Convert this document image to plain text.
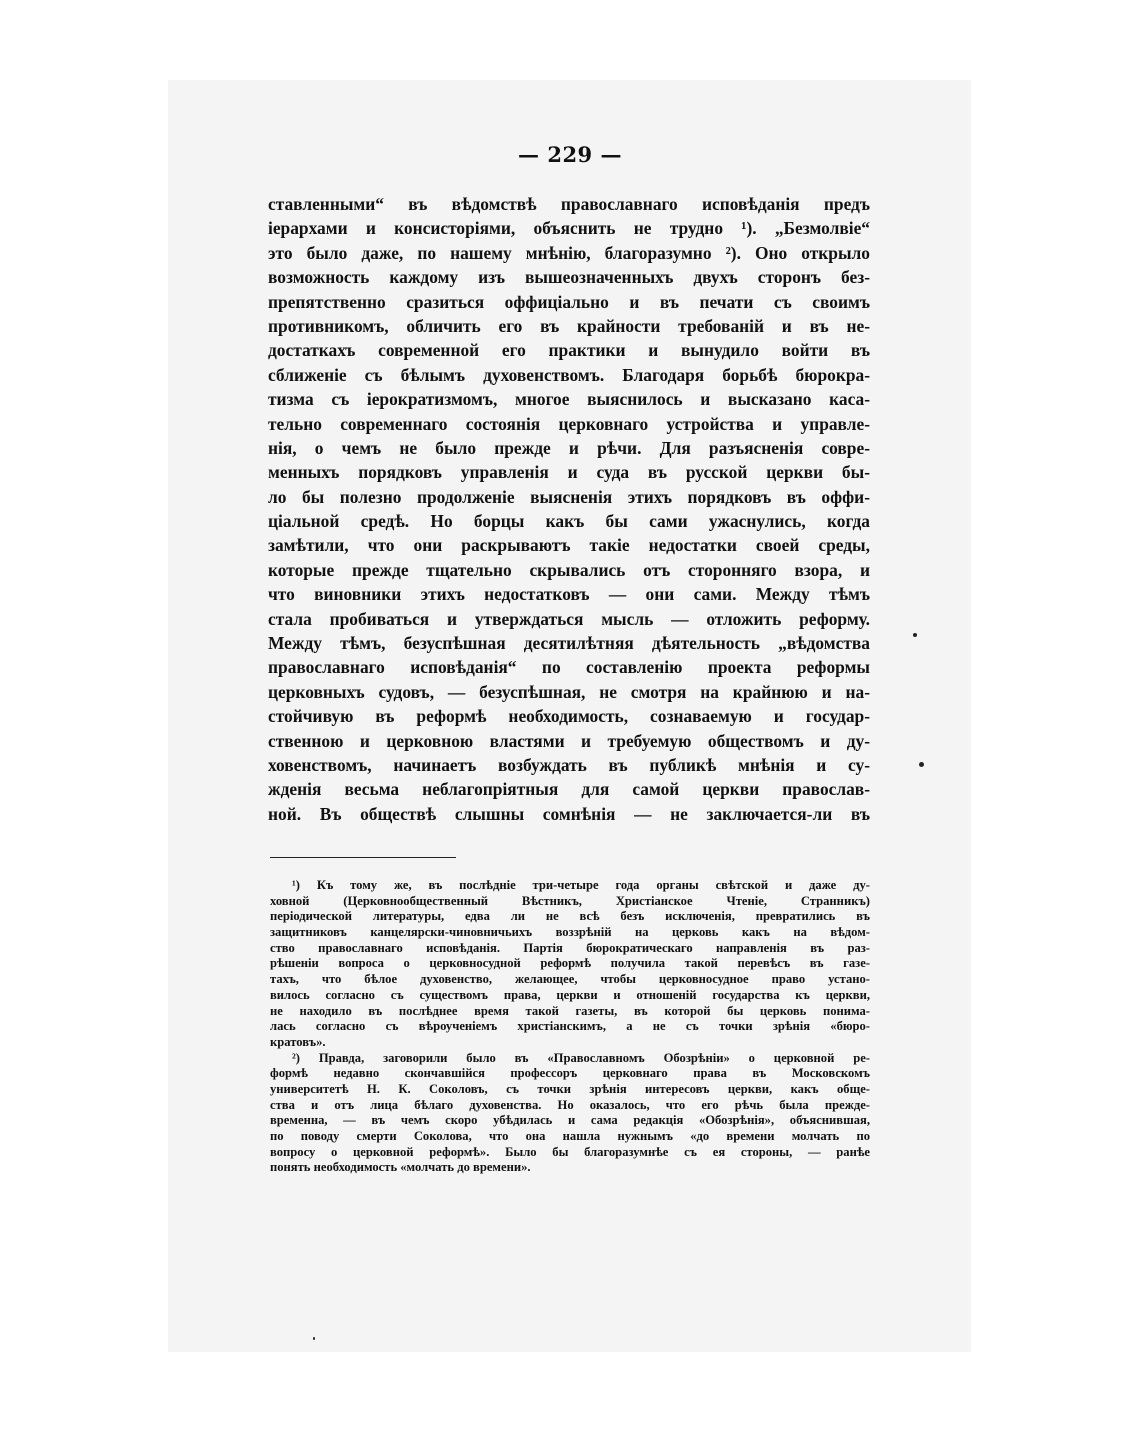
— 229 —
ставленными“ въ вѣдомствѣ православнаго исповѣданія предъ
іерархами и консисторіями, объяснить не трудно ¹). „Безмолвіе“
это было даже, по нашему мнѣнію, благоразумно ²). Оно открыло
возможность каждому изъ вышеозначенныхъ двухъ сторонъ без-
препятственно сразиться оффиціально и въ печати съ своимъ
противникомъ, обличить его въ крайности требованій и въ не-
достаткахъ современной его практики и вынудило войти въ
сближеніе съ бѣлымъ духовенствомъ. Благодаря борьбѣ бюрокра-
тизма съ іерократизмомъ, многое выяснилось и высказано каса-
тельно современнаго состоянія церковнаго устройства и управле-
нія, о чемъ не было прежде и рѣчи. Для разъясненія совре-
менныхъ порядковъ управленія и суда въ русской церкви бы-
ло бы полезно продолженіе выясненія этихъ порядковъ въ оффи-
ціальной средѣ. Но борцы какъ бы сами ужаснулись, когда
замѣтили, что они раскрываютъ такіе недостатки своей среды,
которые прежде тщательно скрывались отъ сторонняго взора, и
что виновники этихъ недостатковъ — они сами. Между тѣмъ
стала пробиваться и утверждаться мысль — отложить реформу.
Между тѣмъ, безуспѣшная десятилѣтняя дѣятельность „вѣдомства
православнаго исповѣданія“ по составленію проекта реформы
церковныхъ судовъ, — безуспѣшная, не смотря на крайнюю и на-
стойчивую въ реформѣ необходимость, сознаваемую и государ-
ственною и церковною властями и требуемую обществомъ и ду-
ховенствомъ, начинаетъ возбуждать въ публикѣ мнѣнія и су-
жденія весьма неблагопріятныя для самой церкви православ-
ной. Въ обществѣ слышны сомнѣнія — не заключается-ли въ
¹) Къ тому же, въ послѣдніе три-четыре года органы свѣтской и даже ду-
ховной (Церковнообщественный Вѣстникъ, Христіанское Чтеніе, Странникъ)
періодической литературы, едва ли не всѣ безъ исключенія, превратились въ
защитниковъ канцелярски-чиновничьихъ воззрѣній на церковь какъ на вѣдом-
ство православнаго исповѣданія. Партія бюрократическаго направленія въ раз-
рѣшеніи вопроса о церковносудной реформѣ получила такой перевѣсъ въ газе-
тахъ, что бѣлое духовенство, желающее, чтобы церковносудное право устано-
вилось согласно съ существомъ права, церкви и отношеній государства къ церкви,
не находило въ послѣднее время такой газеты, въ которой бы церковь понима-
лась согласно съ вѣроученіемъ христіанскимъ, а не съ точки зрѣнія «бюро-
кратовъ».
²) Правда, заговорили было въ «Православномъ Обозрѣніи» о церковной ре-
формѣ недавно скончавшійся профессоръ церковнаго права въ Московскомъ
университетѣ Н. К. Соколовъ, съ точки зрѣнія интересовъ церкви, какъ обще-
ства и отъ лица бѣлаго духовенства. Но оказалось, что его рѣчь была прежде-
временна, — въ чемъ скоро убѣдилась и сама редакція «Обозрѣнія», объяснившая,
по поводу смерти Соколова, что она нашла нужнымъ «до времени молчать по
вопросу о церковной реформѣ». Было бы благоразумнѣе съ ея стороны, — ранѣе
понять необходимость «молчать до времени».
